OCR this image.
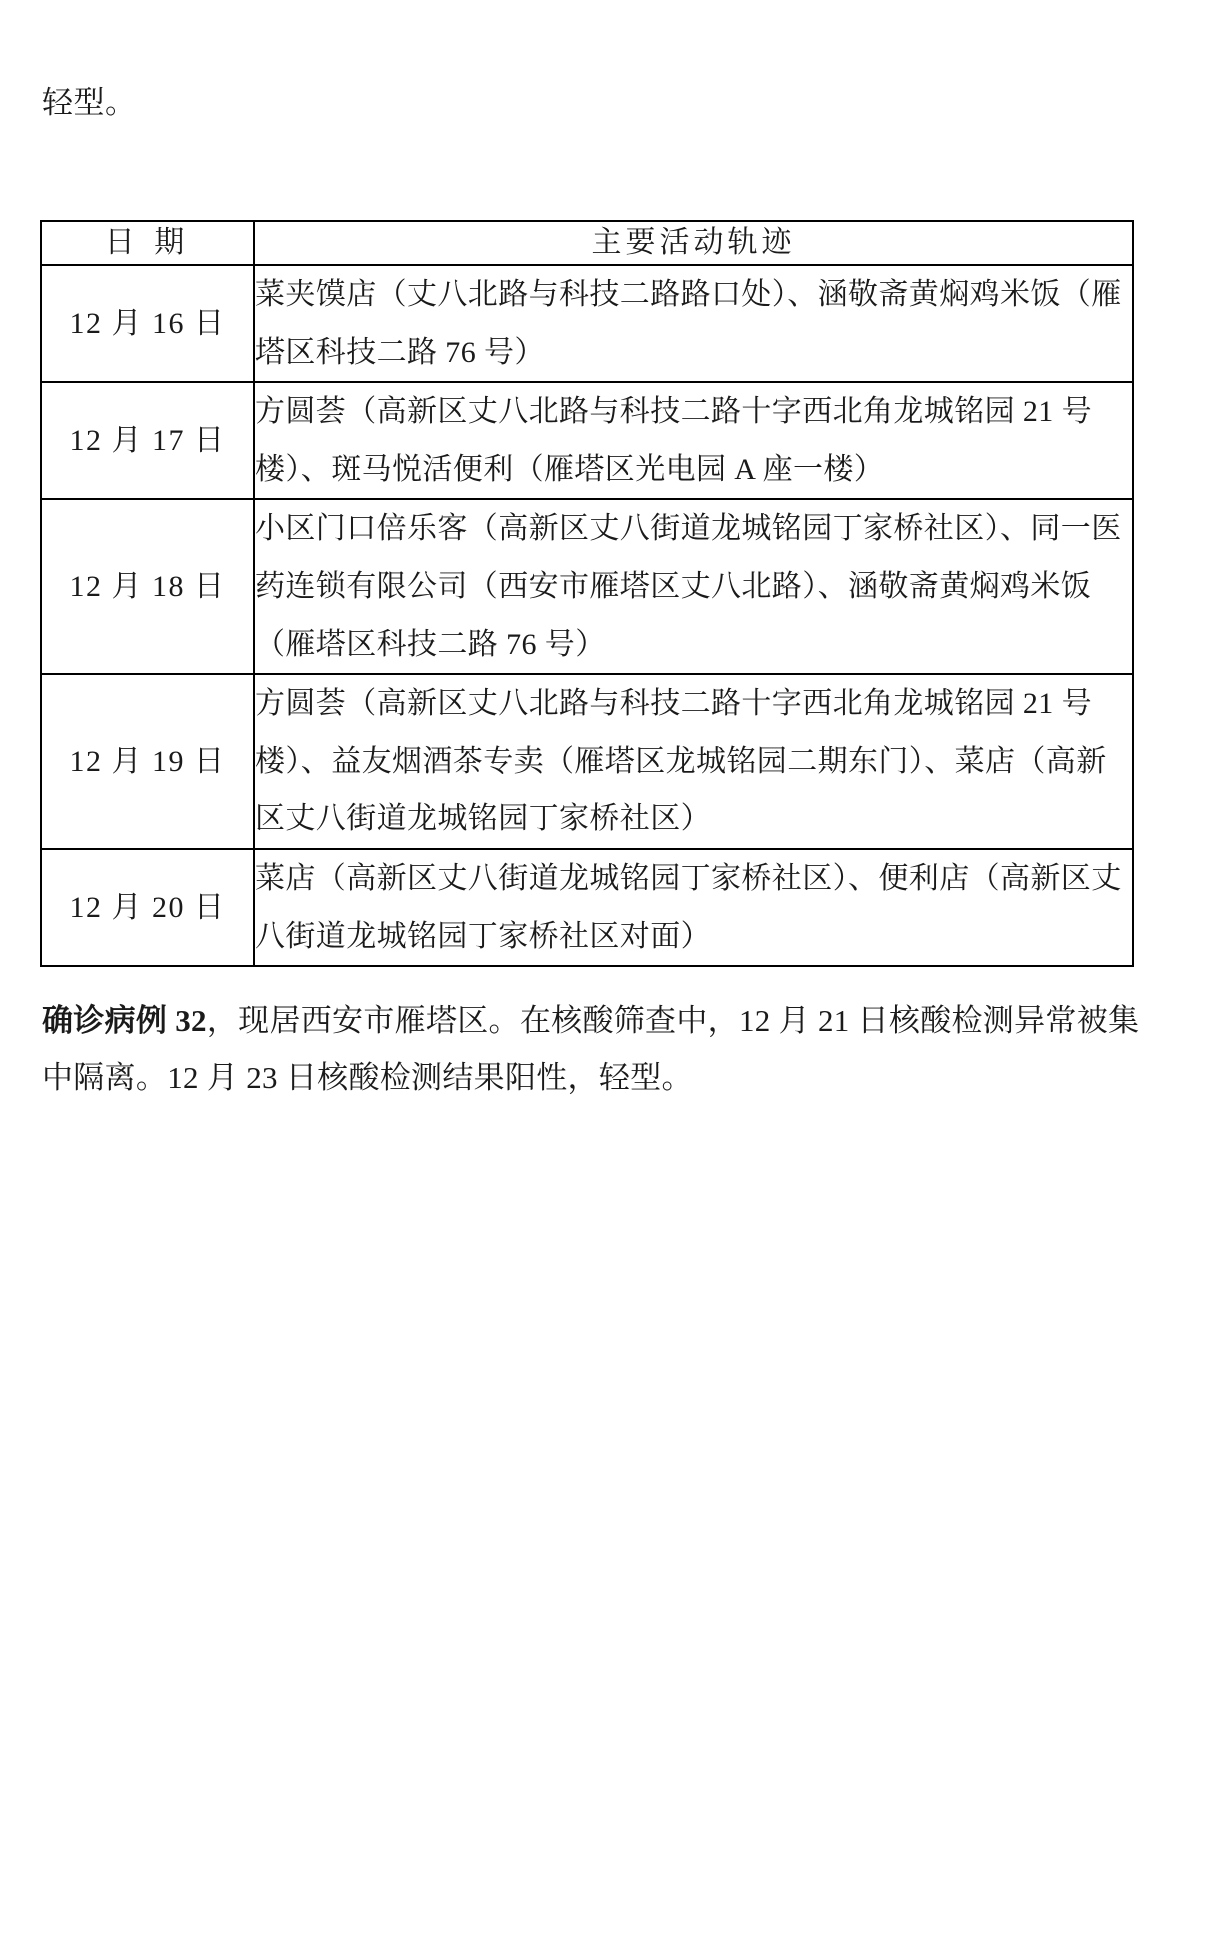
轻型。

日 期	主要活动轨迹
12 月 16 日	菜夹馍店（丈八北路与科技二路路口处）、涵敬斋黄焖鸡米饭（雁塔区科技二路 76 号）
12 月 17 日	方圆荟（高新区丈八北路与科技二路十字西北角龙城铭园 21 号楼）、斑马悦活便利（雁塔区光电园 A 座一楼）
12 月 18 日	小区门口倍乐客（高新区丈八街道龙城铭园丁家桥社区）、同一医药连锁有限公司（西安市雁塔区丈八北路）、涵敬斋黄焖鸡米饭（雁塔区科技二路 76 号）
12 月 19 日	方圆荟（高新区丈八北路与科技二路十字西北角龙城铭园 21 号楼）、益友烟酒茶专卖（雁塔区龙城铭园二期东门）、菜店（高新区丈八街道龙城铭园丁家桥社区）
12 月 20 日	菜店（高新区丈八街道龙城铭园丁家桥社区）、便利店（高新区丈八街道龙城铭园丁家桥社区对面）

确诊病例 32，现居西安市雁塔区。在核酸筛查中，12 月 21 日核酸检测异常被集中隔离。12 月 23 日核酸检测结果阳性，轻型。
